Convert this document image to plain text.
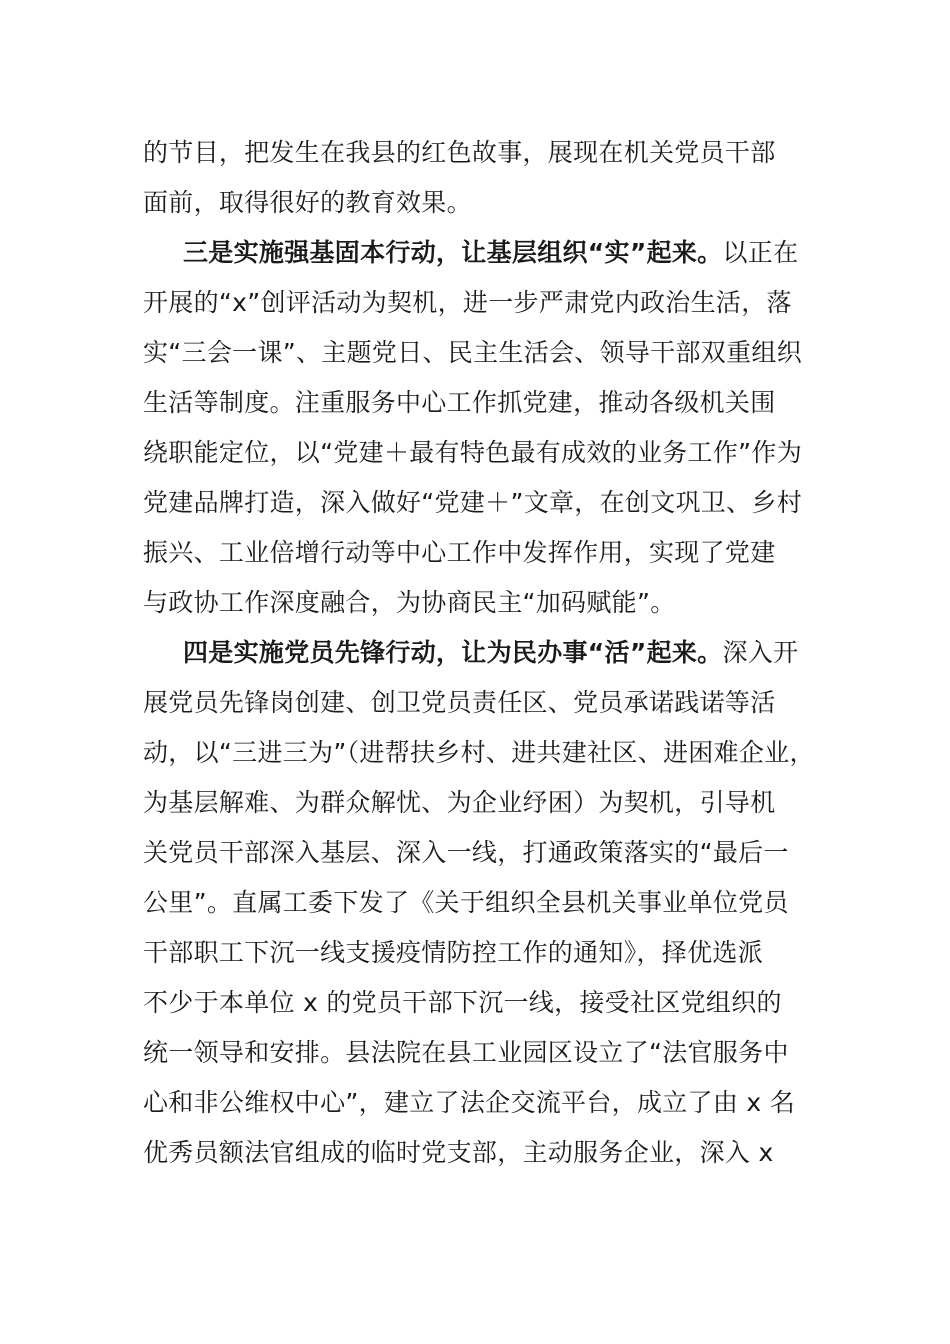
的节目，把发生在我县的红色故事，展现在机关党员干部
面前，取得很好的教育效果。
三是实施强基固本行动，让基层组织“实”起来。以正在
开展的“x”创评活动为契机，进一步严肃党内政治生活，落
实“三会一课”、主题党日、民主生活会、领导干部双重组织
生活等制度。注重服务中心工作抓党建，推动各级机关围
绕职能定位，以“党建＋最有特色最有成效的业务工作”作为
党建品牌打造，深入做好“党建＋”文章，在创文巩卫、乡村
振兴、工业倍增行动等中心工作中发挥作用，实现了党建
与政协工作深度融合，为协商民主“加码赋能”。
四是实施党员先锋行动，让为民办事“活”起来。深入开
展党员先锋岗创建、创卫党员责任区、党员承诺践诺等活
动，以“三进三为”（进帮扶乡村、进共建社区、进困难企业，
为基层解难、为群众解忧、为企业纾困）为契机，引导机
关党员干部深入基层、深入一线，打通政策落实的“最后一
公里”。直属工委下发了《关于组织全县机关事业单位党员
干部职工下沉一线支援疫情防控工作的通知》，择优选派
不少于本单位 x 的党员干部下沉一线，接受社区党组织的
统一领导和安排。县法院在县工业园区设立了“法官服务中
心和非公维权中心”，建立了法企交流平台，成立了由 x 名
优秀员额法官组成的临时党支部，主动服务企业，深入 x
